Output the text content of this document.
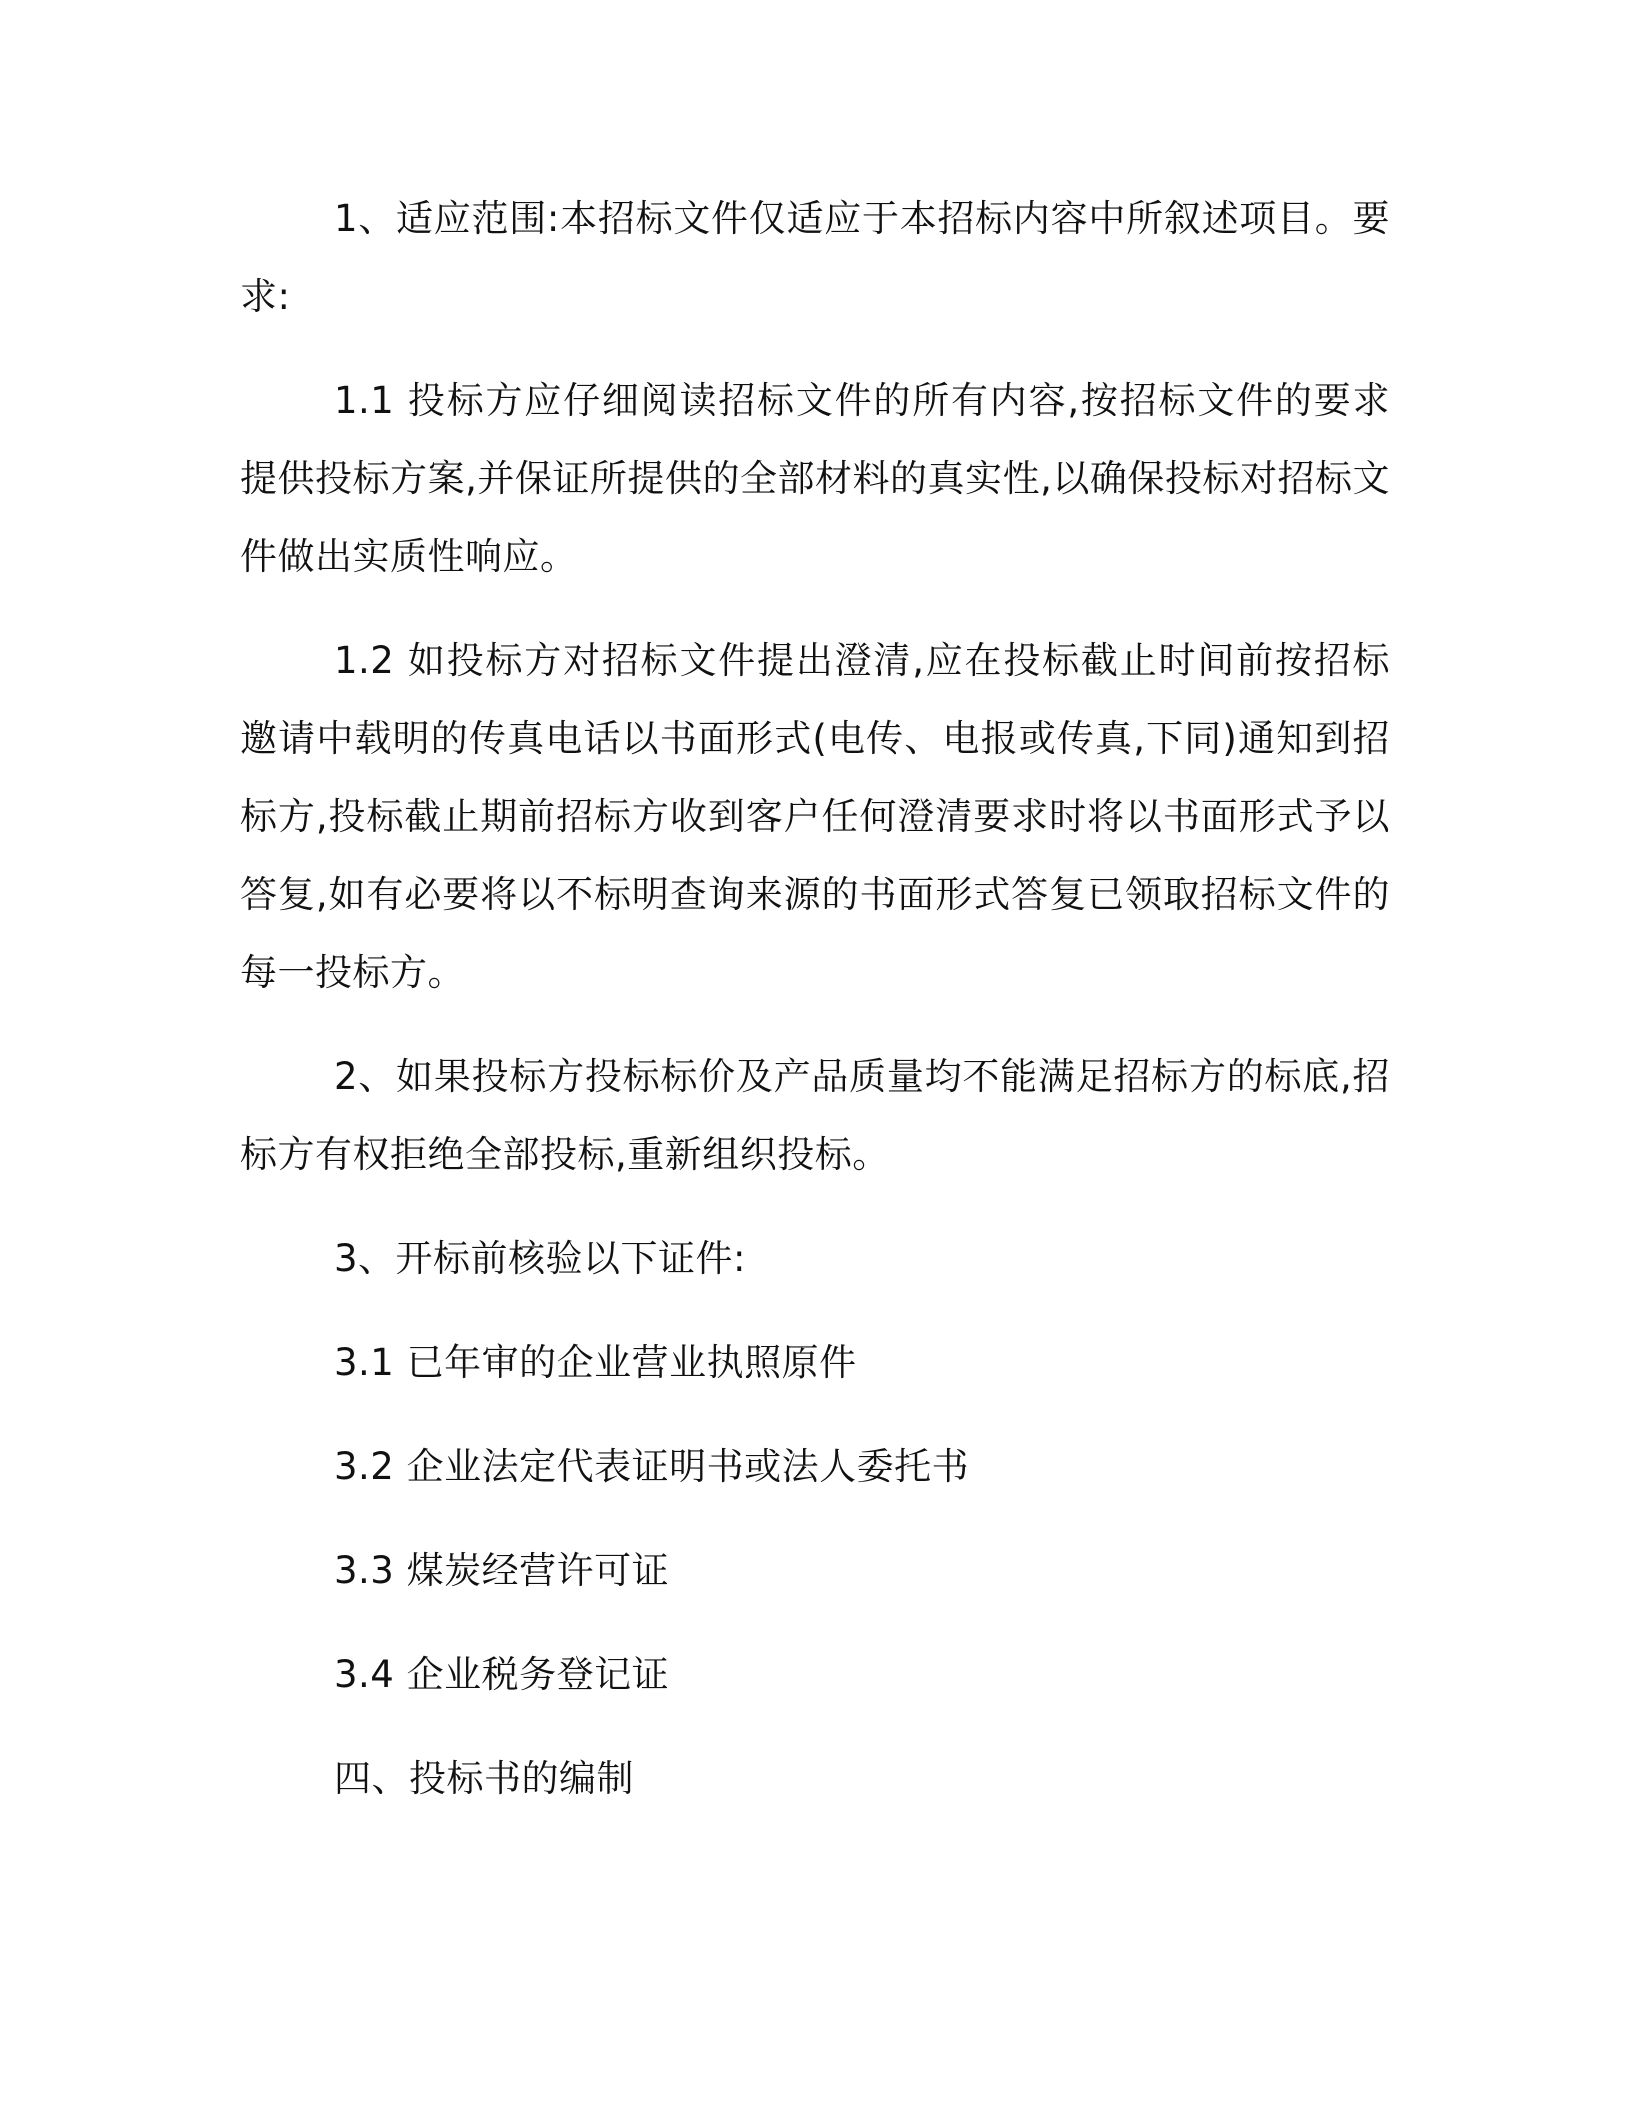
1、适应范围:本招标文件仅适应于本招标内容中所叙述项目。要求:

1.1 投标方应仔细阅读招标文件的所有内容,按招标文件的要求提供投标方案,并保证所提供的全部材料的真实性,以确保投标对招标文件做出实质性响应。

1.2 如投标方对招标文件提出澄清,应在投标截止时间前按招标邀请中载明的传真电话以书面形式(电传、电报或传真,下同)通知到招标方,投标截止期前招标方收到客户任何澄清要求时将以书面形式予以答复,如有必要将以不标明查询来源的书面形式答复已领取招标文件的每一投标方。

2、如果投标方投标标价及产品质量均不能满足招标方的标底,招标方有权拒绝全部投标,重新组织投标。

3、开标前核验以下证件:

3.1 已年审的企业营业执照原件

3.2 企业法定代表证明书或法人委托书

3.3 煤炭经营许可证

3.4 企业税务登记证

四、投标书的编制
